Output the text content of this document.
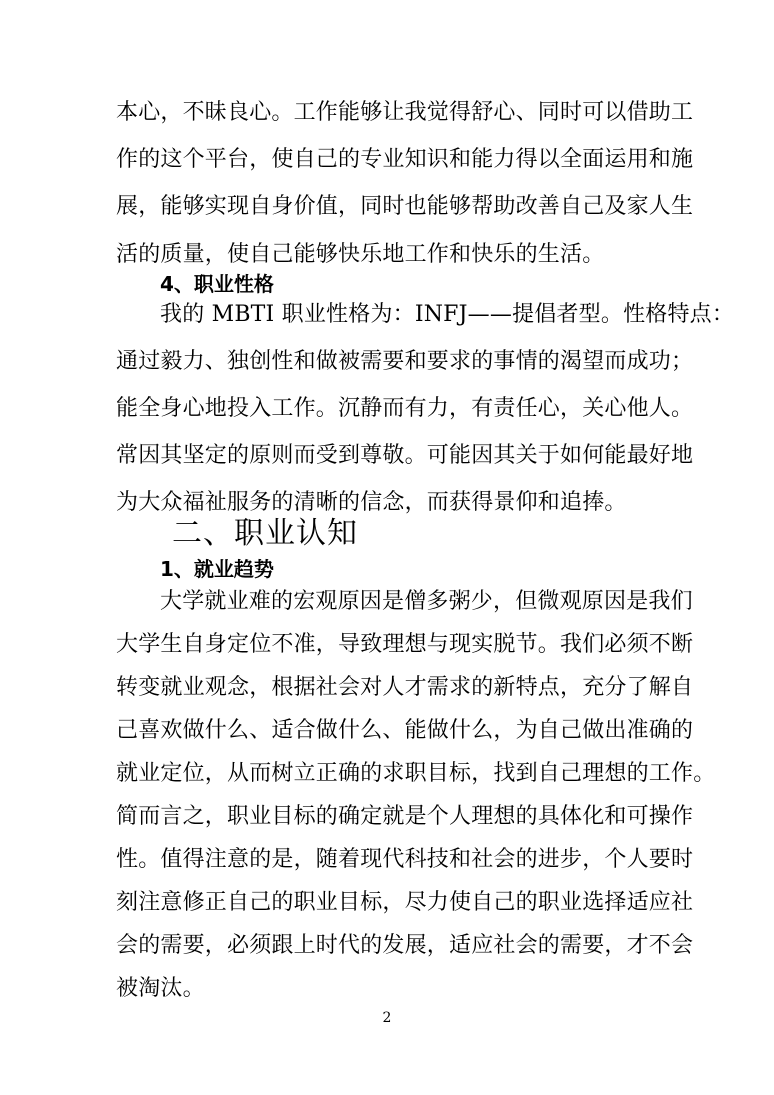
本心，不昧良心。工作能够让我觉得舒心、同时可以借助工
作的这个平台，使自己的专业知识和能力得以全面运用和施
展，能够实现自身价值，同时也能够帮助改善自己及家人生
活的质量，使自己能够快乐地工作和快乐的生活。
4、职业性格
我的 MBTI 职业性格为：INFJ——提倡者型。性格特点：
通过毅力、独创性和做被需要和要求的事情的渴望而成功；
能全身心地投入工作。沉静而有力，有责任心，关心他人。
常因其坚定的原则而受到尊敬。可能因其关于如何能最好地
为大众福祉服务的清晰的信念，而获得景仰和追捧。
二、职业认知
1、就业趋势
大学就业难的宏观原因是僧多粥少，但微观原因是我们
大学生自身定位不准，导致理想与现实脱节。我们必须不断
转变就业观念，根据社会对人才需求的新特点，充分了解自
己喜欢做什么、适合做什么、能做什么，为自己做出准确的
就业定位，从而树立正确的求职目标，找到自己理想的工作。
简而言之，职业目标的确定就是个人理想的具体化和可操作
性。值得注意的是，随着现代科技和社会的进步，个人要时
刻注意修正自己的职业目标，尽力使自己的职业选择适应社
会的需要，必须跟上时代的发展，适应社会的需要，才不会
2
被淘汰。
